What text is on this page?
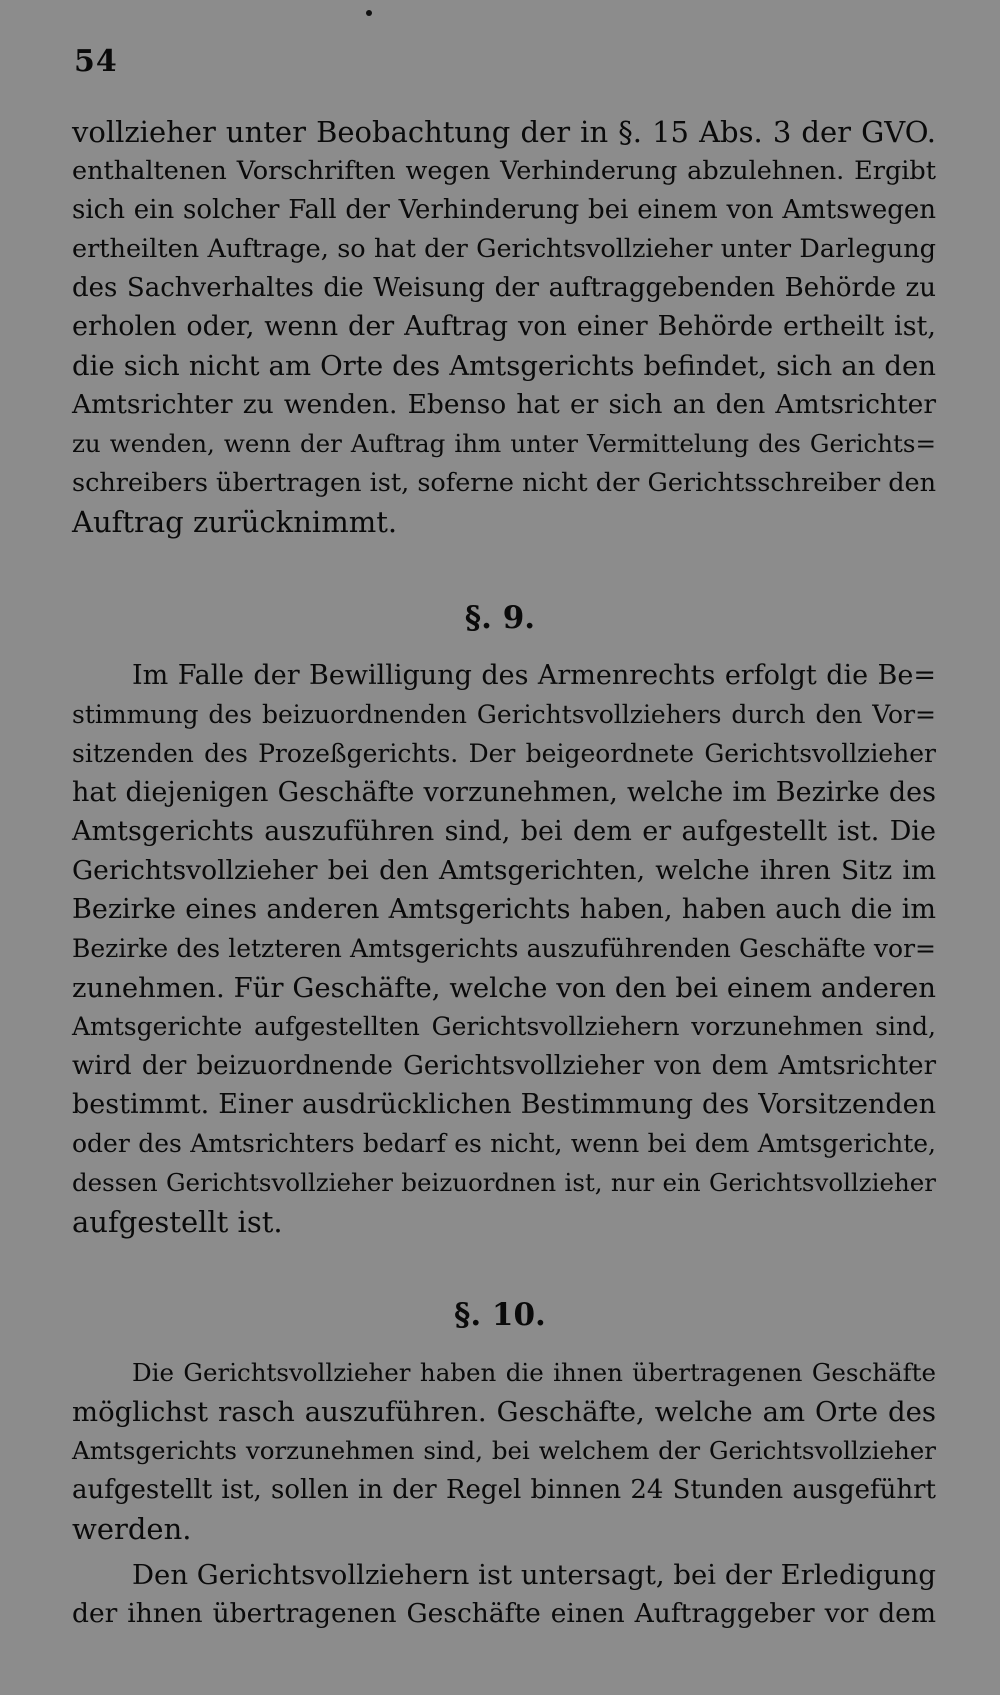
54
vollzieher unter Beobachtung der in §. 15 Abs. 3 der GVO.
enthaltenen Vorschriften wegen Verhinderung abzulehnen. Ergibt
sich ein solcher Fall der Verhinderung bei einem von Amtswegen
ertheilten Auftrage, so hat der Gerichtsvollzieher unter Darlegung
des Sachverhaltes die Weisung der auftraggebenden Behörde zu
erholen oder, wenn der Auftrag von einer Behörde ertheilt ist,
die sich nicht am Orte des Amtsgerichts befindet, sich an den
Amtsrichter zu wenden. Ebenso hat er sich an den Amtsrichter
zu wenden, wenn der Auftrag ihm unter Vermittelung des Gerichts=
schreibers übertragen ist, soferne nicht der Gerichtsschreiber den
Auftrag zurücknimmt.
§. 9.
Im Falle der Bewilligung des Armenrechts erfolgt die Be=
stimmung des beizuordnenden Gerichtsvollziehers durch den Vor=
sitzenden des Prozeßgerichts. Der beigeordnete Gerichtsvollzieher
hat diejenigen Geschäfte vorzunehmen, welche im Bezirke des
Amtsgerichts auszuführen sind, bei dem er aufgestellt ist. Die
Gerichtsvollzieher bei den Amtsgerichten, welche ihren Sitz im
Bezirke eines anderen Amtsgerichts haben, haben auch die im
Bezirke des letzteren Amtsgerichts auszuführenden Geschäfte vor=
zunehmen. Für Geschäfte, welche von den bei einem anderen
Amtsgerichte aufgestellten Gerichtsvollziehern vorzunehmen sind,
wird der beizuordnende Gerichtsvollzieher von dem Amtsrichter
bestimmt. Einer ausdrücklichen Bestimmung des Vorsitzenden
oder des Amtsrichters bedarf es nicht, wenn bei dem Amtsgerichte,
dessen Gerichtsvollzieher beizuordnen ist, nur ein Gerichtsvollzieher
aufgestellt ist.
§. 10.
Die Gerichtsvollzieher haben die ihnen übertragenen Geschäfte
möglichst rasch auszuführen. Geschäfte, welche am Orte des
Amtsgerichts vorzunehmen sind, bei welchem der Gerichtsvollzieher
aufgestellt ist, sollen in der Regel binnen 24 Stunden ausgeführt
werden.
Den Gerichtsvollziehern ist untersagt, bei der Erledigung
der ihnen übertragenen Geschäfte einen Auftraggeber vor dem
